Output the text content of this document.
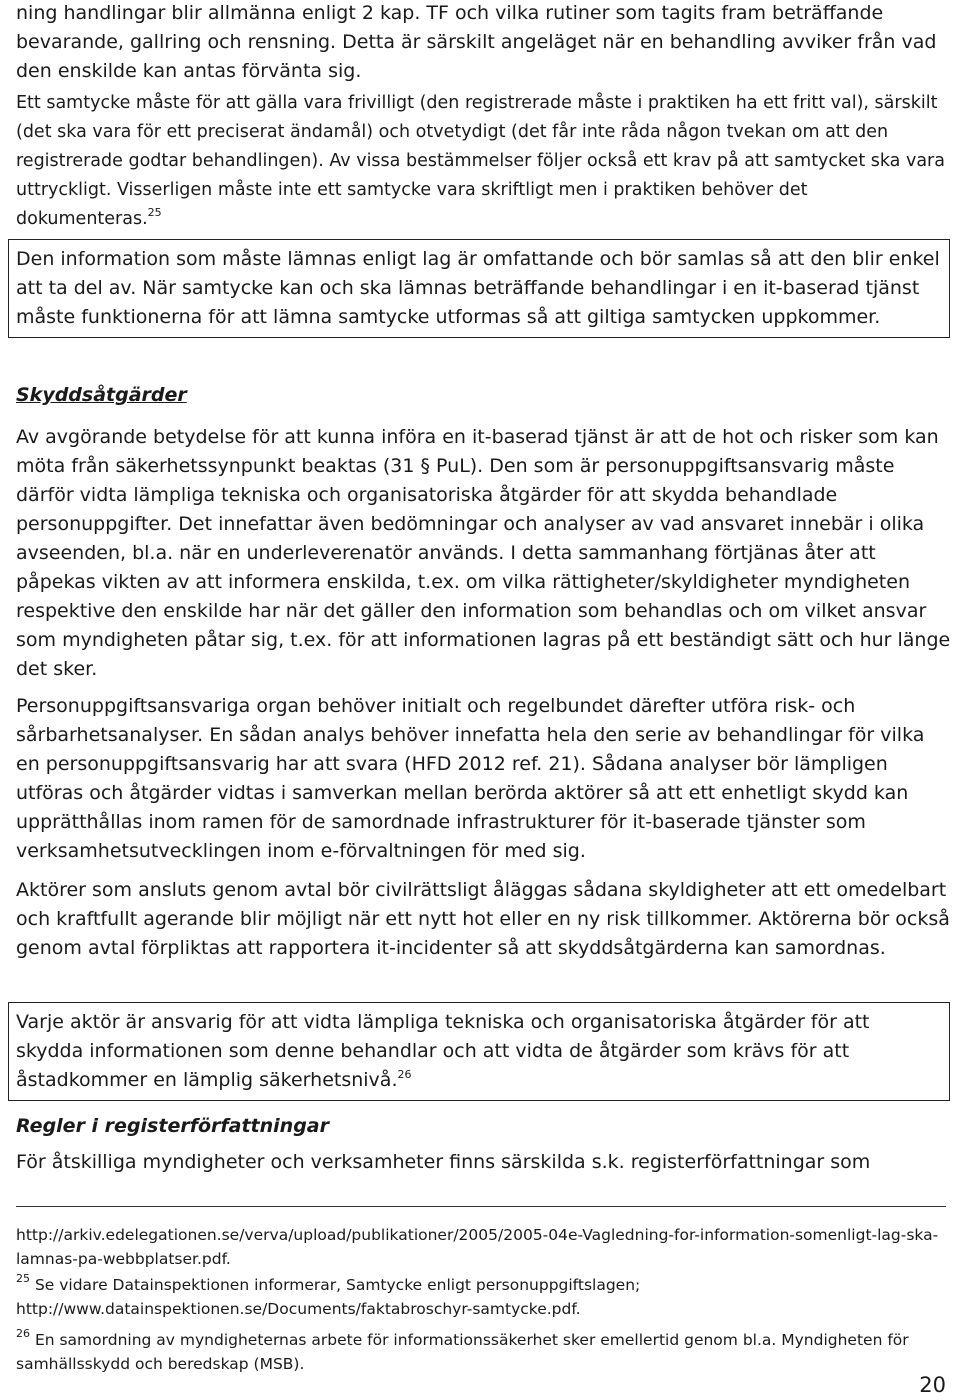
ning handlingar blir allmänna enligt 2 kap. TF och vilka rutiner som tagits fram beträffande bevarande, gallring och rensning. Detta är särskilt angeläget när en behandling avviker från vad den enskilde kan antas förvänta sig.

Ett samtycke måste för att gälla vara frivilligt (den registrerade måste i praktiken ha ett fritt val), särskilt (det ska vara för ett preciserat ändamål) och otvetydigt (det får inte råda någon tvekan om att den registrerade godtar behandlingen). Av vissa bestämmelser följer också ett krav på att samtycket ska vara uttryckligt. Visserligen måste inte ett samtycke vara skriftligt men i praktiken behöver det dokumenteras.$^{25}$

Den information som måste lämnas enligt lag är omfattande och bör samlas så att den blir enkel att ta del av. När samtycke kan och ska lämnas beträffande behandlingar i en it-baserad tjänst måste funktionerna för att lämna samtycke utformas så att giltiga samtycken uppkommer.
Skyddsåtgärder

Av avgörande betydelse för att kunna införa en it-baserad tjänst är att de hot och risker som kan möta från säkerhetssynpunkt beaktas (31 § PuL). Den som är personuppgiftsansvarig måste därför vidta lämpliga tekniska och organisatoriska åtgärder för att skydda behandlade personuppgifter. Det innefattar även bedömningar och analyser av vad ansvaret innebär i olika avseenden, bl.a. när en underleverenatör används. I detta sammanhang förtjänas åter att påpekas vikten av att informera enskilda, t.ex. om vilka rättigheter/skyldigheter myndigheten respektive den enskilde har när det gäller den information som behandlas och om vilket ansvar som myndigheten påtar sig, t.ex. för att informationen lagras på ett beständigt sätt och hur länge det sker.

Personuppgiftsansvariga organ behöver initialt och regelbundet därefter utföra risk- och sårbarhetsanalyser. En sådan analys behöver innefatta hela den serie av behandlingar för vilka en personuppgiftsansvarig har att svara (HFD 2012 ref. 21). Sådana analyser bör lämpligen utföras och åtgärder vidtas i samverkan mellan berörda aktörer så att ett enhetligt skydd kan upprätthållas inom ramen för de samordnade infrastrukturer för it-baserade tjänster som verksamhetsutvecklingen inom e-förvaltningen för med sig.

Aktörer som ansluts genom avtal bör civilrättsligt åläggas sådana skyldigheter att ett omedelbart och kraftfullt agerande blir möjligt när ett nytt hot eller en ny risk tillkommer. Aktörerna bör också genom avtal förpliktas att rapportera it-incidenter så att skyddsåtgärderna kan samordnas.

Varje aktör är ansvarig för att vidta lämpliga tekniska och organisatoriska åtgärder för att skydda informationen som denne behandlar och att vidta de åtgärder som krävs för att åstadkommer en lämplig säkerhetsnivå.$^{26}$
Regler i registerförfattningar

För åtskilliga myndigheter och verksamheter finns särskilda s.k. registerförfattningar som

http://arkiv.edelegationen.se/verva/upload/publikationer/2005/2005-04e-Vagledning-for-information-somenligt-lag-ska-lamnas-pa-webbplatser.pdf.

$^{25}$ Se vidare Datainspektionen informerar, Samtycke enligt personuppgiftslagen; http://www.datainspektionen.se/Documents/faktabroschyr-samtycke.pdf.

$^{26}$ En samordning av myndigheternas arbete för informationssäkerhet sker emellertid genom bl.a. Myndigheten för samhällsskydd och beredskap (MSB).

20
